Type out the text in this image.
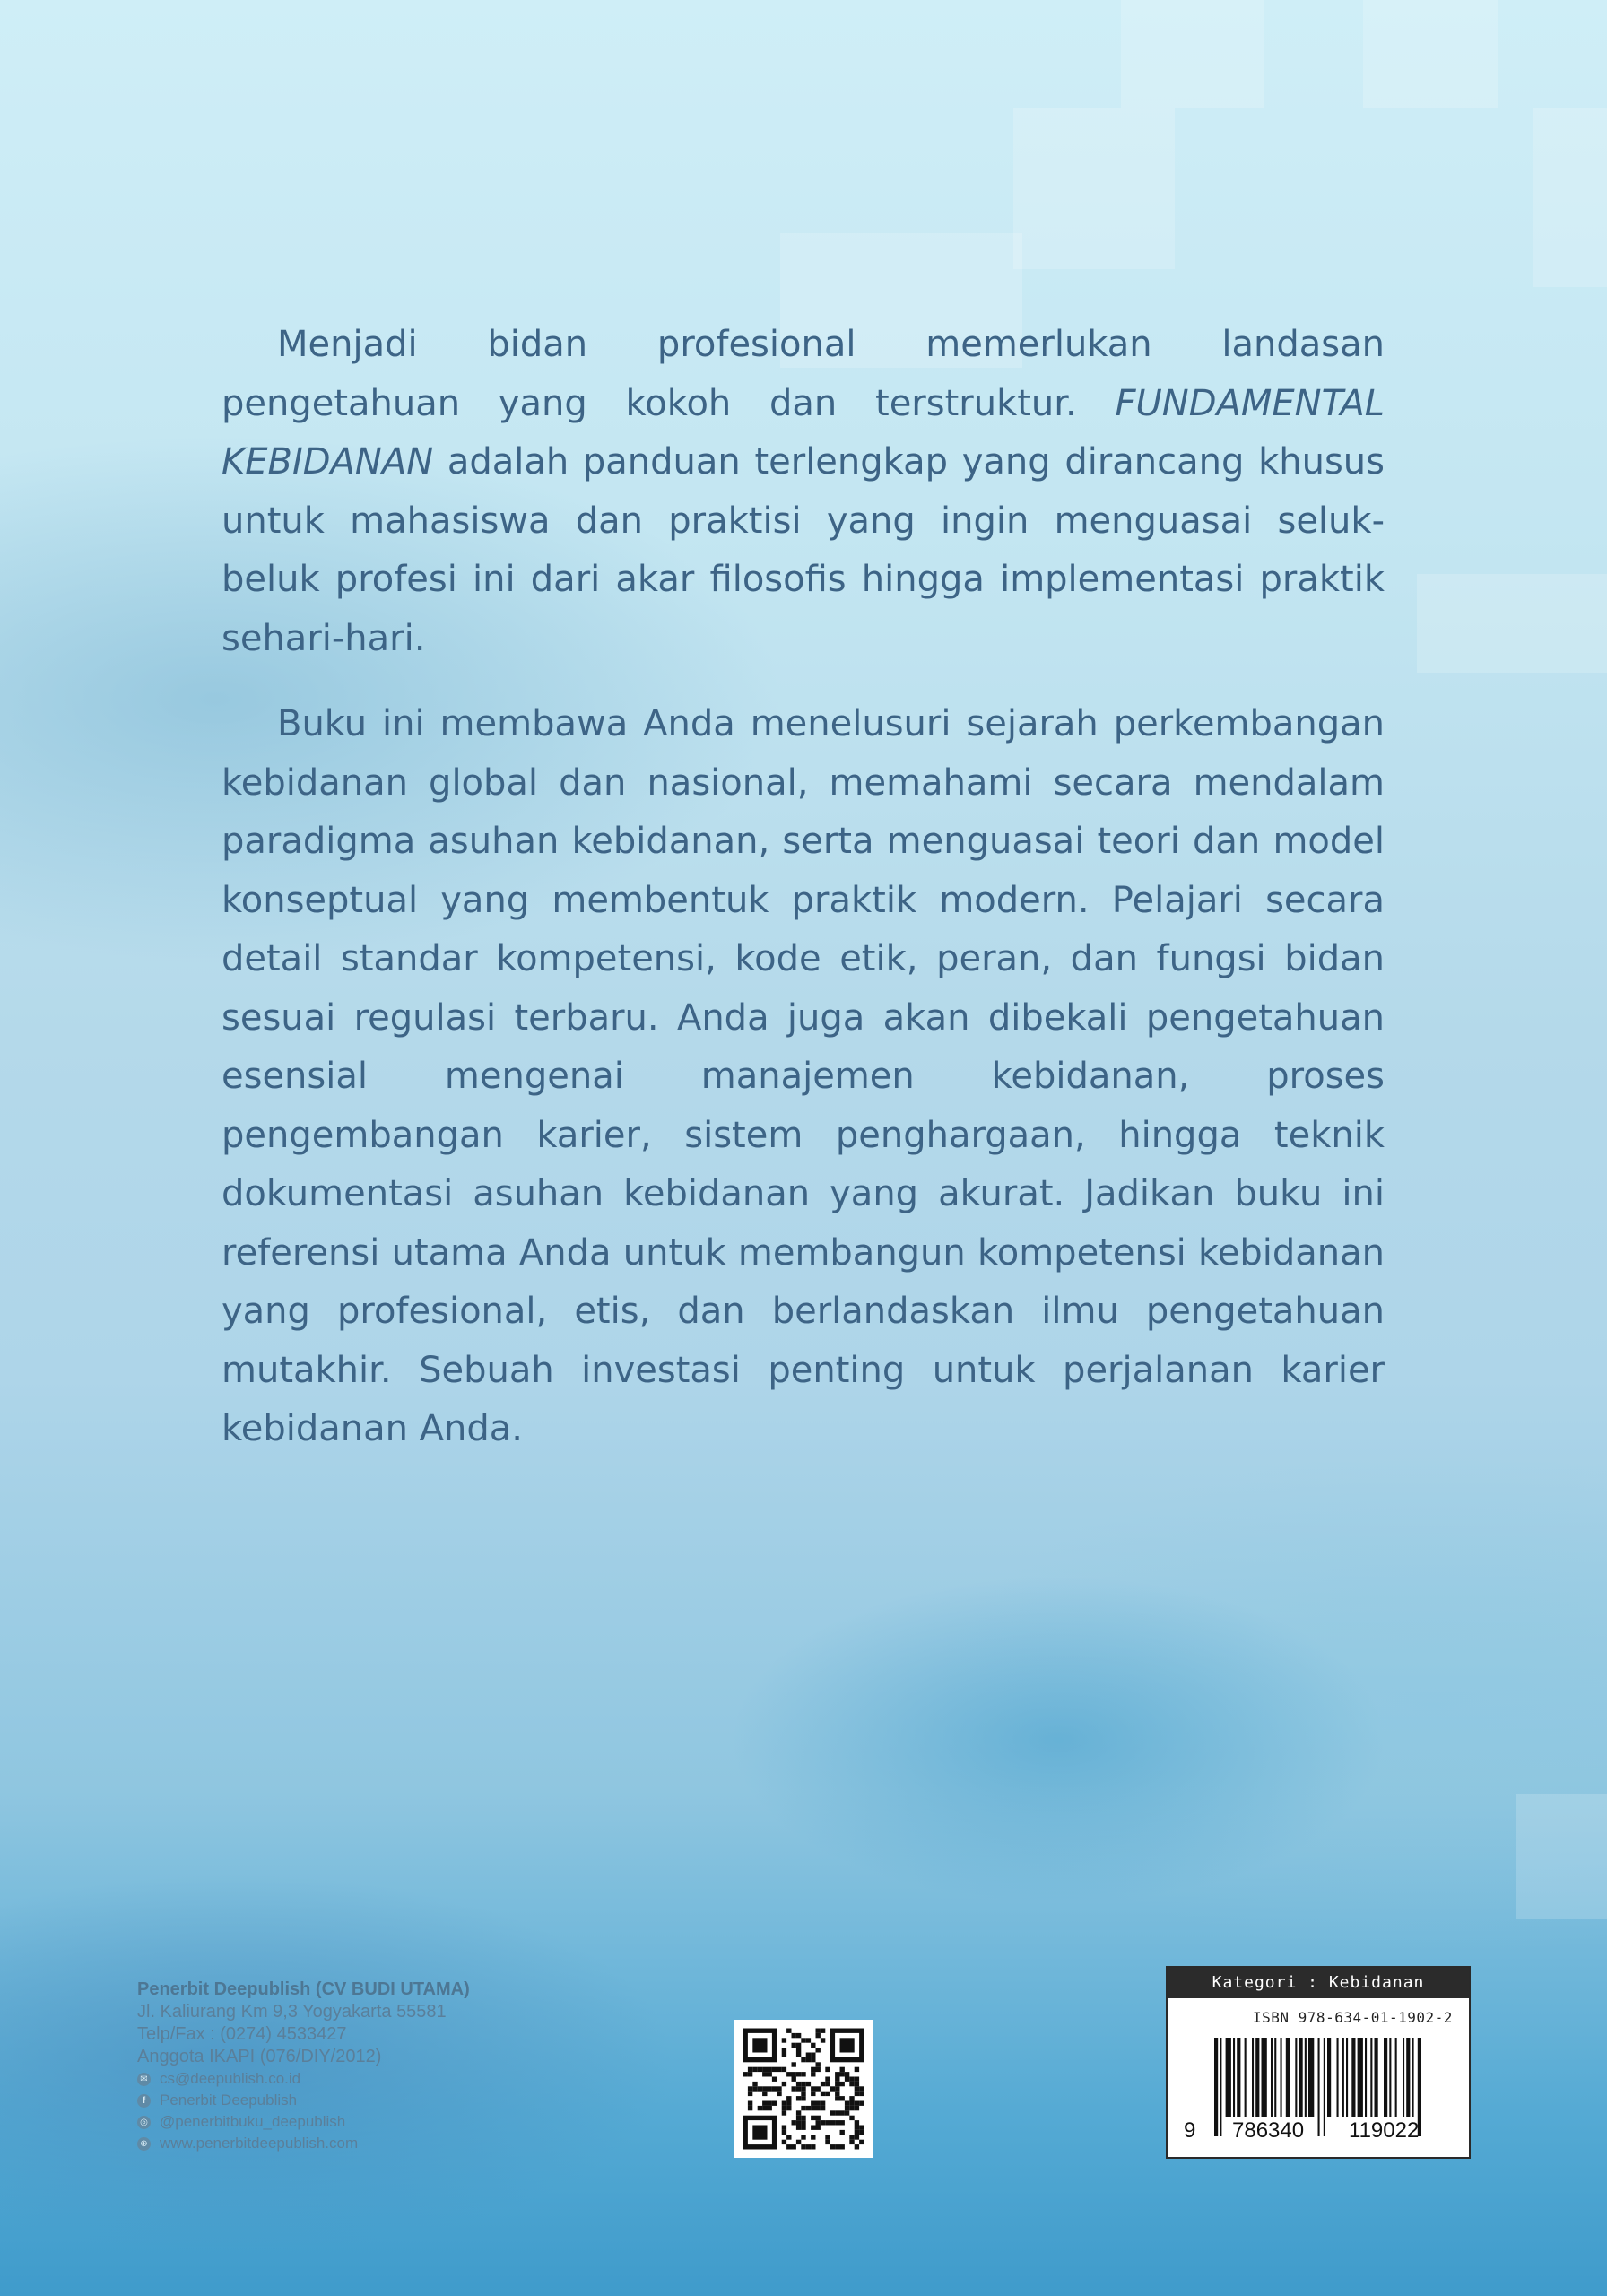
Menjadi bidan profesional memerlukan landasan pengetahuan yang kokoh dan terstruktur. FUNDAMENTAL KEBIDANAN adalah panduan terlengkap yang dirancang khusus untuk mahasiswa dan praktisi yang ingin menguasai seluk-beluk profesi ini dari akar filosofis hingga implementasi praktik sehari-hari.

Buku ini membawa Anda menelusuri sejarah perkembangan kebidanan global dan nasional, memahami secara mendalam paradigma asuhan kebidanan, serta menguasai teori dan model konseptual yang membentuk praktik modern. Pelajari secara detail standar kompetensi, kode etik, peran, dan fungsi bidan sesuai regulasi terbaru. Anda juga akan dibekali pengetahuan esensial mengenai manajemen kebidanan, proses pengembangan karier, sistem penghargaan, hingga teknik dokumentasi asuhan kebidanan yang akurat. Jadikan buku ini referensi utama Anda untuk membangun kompetensi kebidanan yang profesional, etis, dan berlandaskan ilmu pengetahuan mutakhir. Sebuah investasi penting untuk perjalanan karier kebidanan Anda.

Penerbit Deepublish (CV BUDI UTAMA)
Jl. Kaliurang Km 9,3 Yogyakarta 55581
Telp/Fax : (0274) 4533427
Anggota IKAPI (076/DIY/2012)
✉ cs@deepublish.co.id
f Penerbit Deepublish
◎ @penerbitbuku_deepublish
⊕ www.penerbitdeepublish.com
Kategori : Kebidanan
ISBN 978-634-01-1902-2
9 786340 119022
